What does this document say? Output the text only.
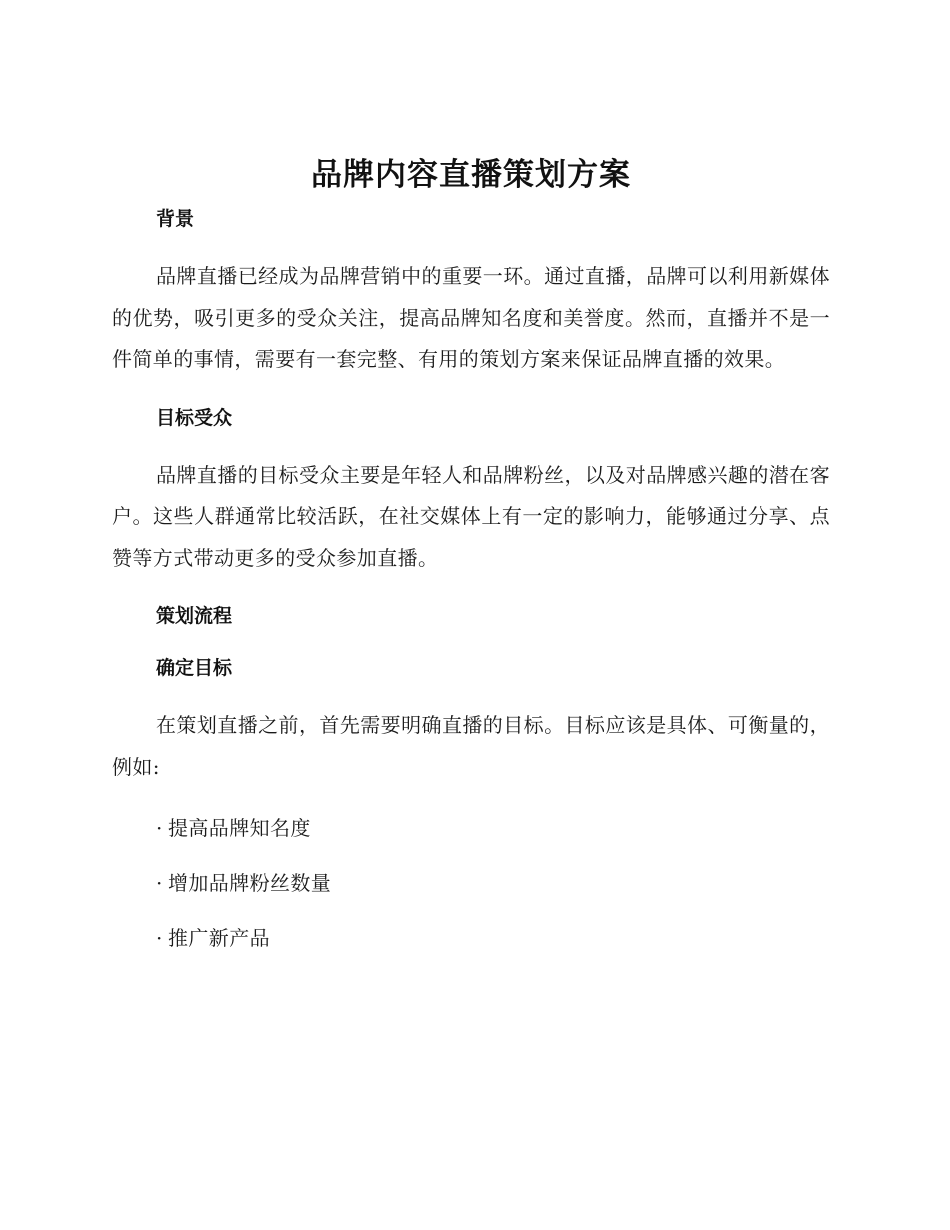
品牌内容直播策划方案
背景

品牌直播已经成为品牌营销中的重要一环。通过直播，品牌可以利用新媒体的优势，吸引更多的受众关注，提高品牌知名度和美誉度。然而，直播并不是一件简单的事情，需要有一套完整、有用的策划方案来保证品牌直播的效果。

目标受众

品牌直播的目标受众主要是年轻人和品牌粉丝，以及对品牌感兴趣的潜在客户。这些人群通常比较活跃，在社交媒体上有一定的影响力，能够通过分享、点赞等方式带动更多的受众参加直播。

策划流程
确定目标

在策划直播之前，首先需要明确直播的目标。目标应该是具体、可衡量的，例如:

· 提高品牌知名度

· 增加品牌粉丝数量

· 推广新产品
